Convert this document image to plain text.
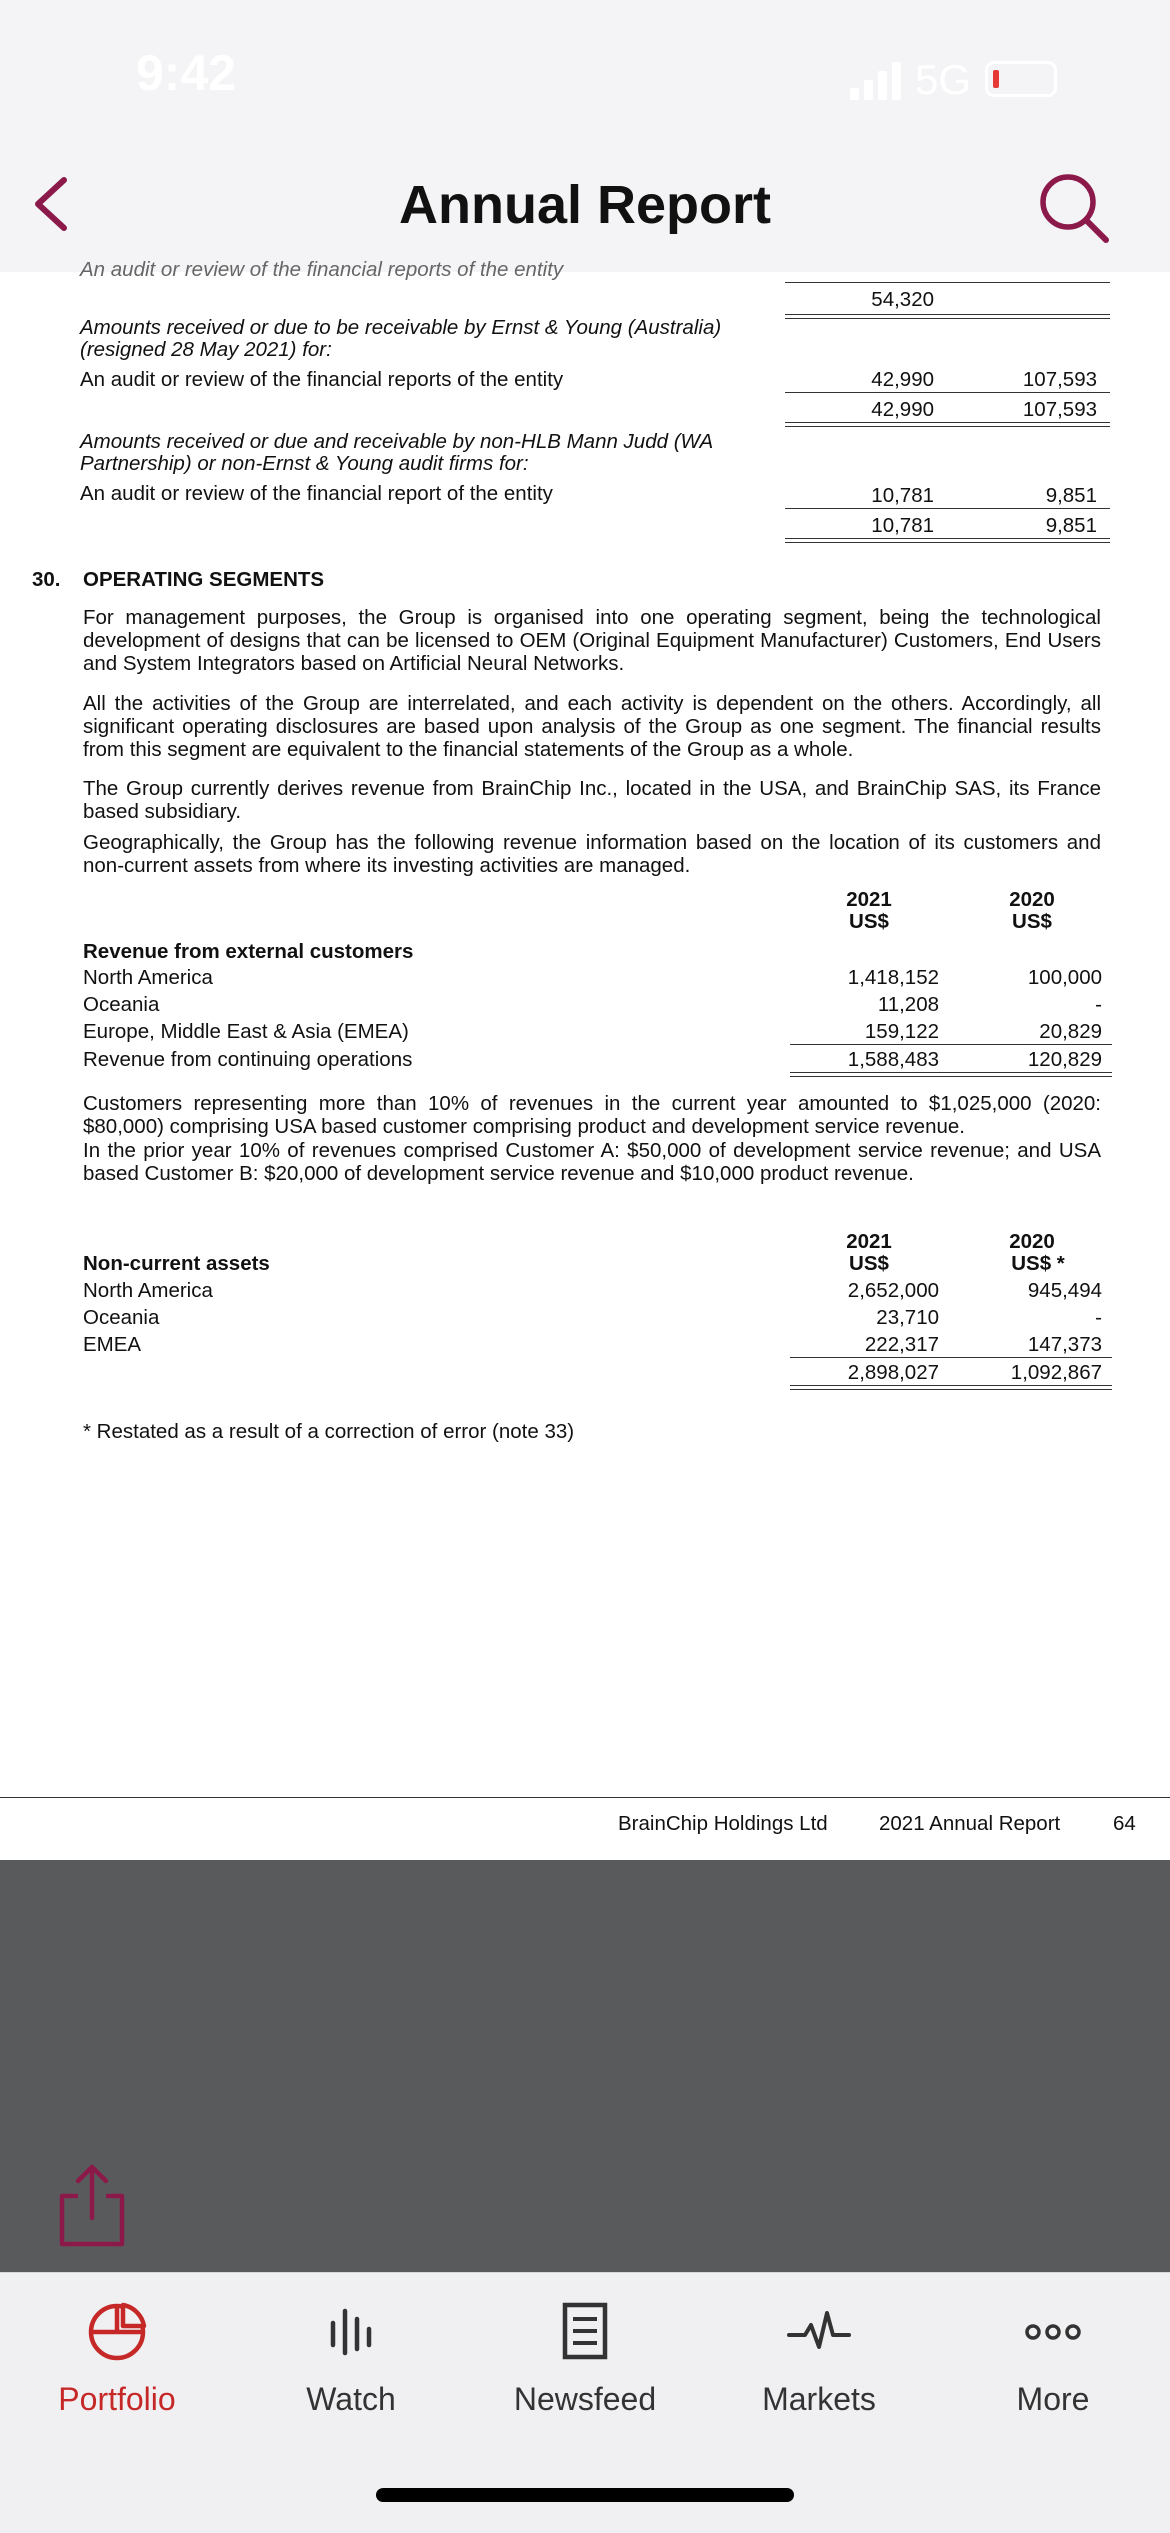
9:42	5G
Annual Report
An audit or review of the financial reports of the entity
54,320
Amounts received or due to be receivable by Ernst & Young (Australia)
(resigned 28 May 2021) for:
An audit or review of the financial reports of the entity	42,990	107,593
42,990	107,593
Amounts received or due and receivable by non-HLB Mann Judd (WA
Partnership) or non-Ernst & Young audit firms for:
An audit or review of the financial report of the entity	10,781	9,851
10,781	9,851
30. OPERATING SEGMENTS
For management purposes, the Group is organised into one operating segment, being the technological development of designs that can be licensed to OEM (Original Equipment Manufacturer) Customers, End Users and System Integrators based on Artificial Neural Networks.
All the activities of the Group are interrelated, and each activity is dependent on the others. Accordingly, all significant operating disclosures are based upon analysis of the Group as one segment. The financial results from this segment are equivalent to the financial statements of the Group as a whole.
The Group currently derives revenue from BrainChip Inc., located in the USA, and BrainChip SAS, its France based subsidiary.
Geographically, the Group has the following revenue information based on the location of its customers and non-current assets from where its investing activities are managed.
2021
US$
2020
US$
Revenue from external customers
North America	1,418,152	100,000
Oceania	11,208	-
Europe, Middle East & Asia (EMEA)	159,122	20,829
Revenue from continuing operations	1,588,483	120,829
Customers representing more than 10% of revenues in the current year amounted to $1,025,000 (2020: $80,000) comprising USA based customer comprising product and development service revenue.
In the prior year 10% of revenues comprised Customer A: $50,000 of development service revenue; and USA based Customer B: $20,000 of development service revenue and $10,000 product revenue.
2021
US$
2020
US$ *
Non-current assets
North America	2,652,000	945,494
Oceania	23,710	-
EMEA	222,317	147,373
2,898,027	1,092,867
* Restated as a result of a correction of error (note 33)
BrainChip Holdings Ltd	2021 Annual Report	64
Portfolio	Watch	Newsfeed	Markets	More
